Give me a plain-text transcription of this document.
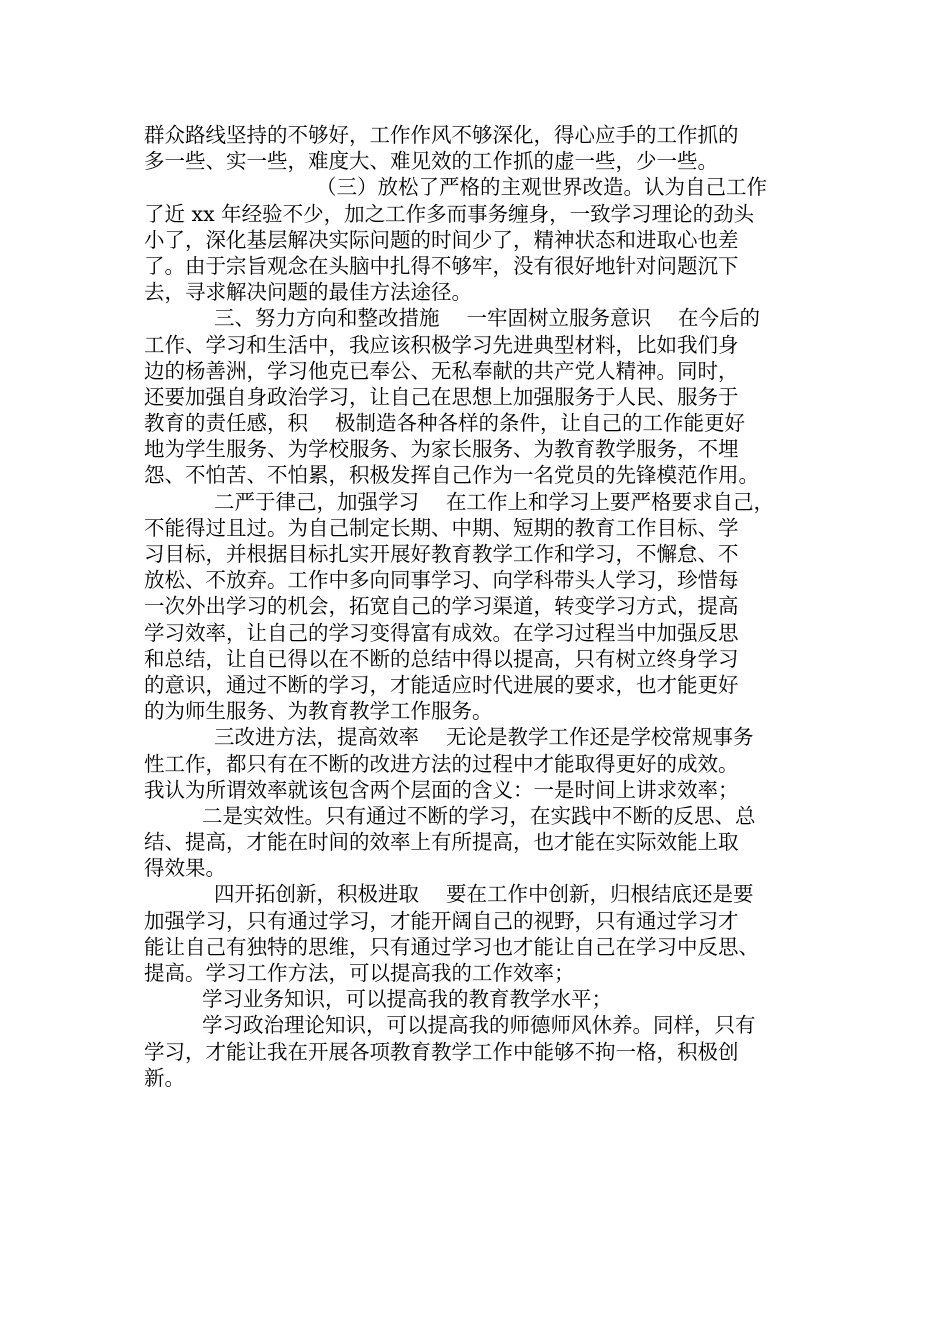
群众路线坚持的不够好，工作作风不够深化，得心应手的工作抓的
多一些、实一些，难度大、难见效的工作抓的虚一些，少一些。
（三）放松了严格的主观世界改造。认为自己工作
了近 xx 年经验不少，加之工作多而事务缠身，一致学习理论的劲头
小了，深化基层解决实际问题的时间少了，精神状态和进取心也差
了。由于宗旨观念在头脑中扎得不够牢，没有很好地针对问题沉下
去，寻求解决问题的最佳方法途径。
三、努力方向和整改措施　 一牢固树立服务意识　 在今后的
工作、学习和生活中，我应该积极学习先进典型材料，比如我们身
边的杨善洲，学习他克已奉公、无私奉献的共产党人精神。同时，
还要加强自身政治学习，让自己在思想上加强服务于人民、服务于
教育的责任感，积　 极制造各种各样的条件，让自己的工作能更好
地为学生服务、为学校服务、为家长服务、为教育教学服务，不埋
怨、不怕苦、不怕累，积极发挥自己作为一名党员的先锋模范作用。
二严于律己，加强学习　 在工作上和学习上要严格要求自己，
不能得过且过。为自己制定长期、中期、短期的教育工作目标、学
习目标，并根据目标扎实开展好教育教学工作和学习，不懈怠、不
放松、不放弃。工作中多向同事学习、向学科带头人学习，珍惜每
一次外出学习的机会，拓宽自己的学习渠道，转变学习方式，提高
学习效率，让自己的学习变得富有成效。在学习过程当中加强反思
和总结，让自已得以在不断的总结中得以提高，只有树立终身学习
的意识，通过不断的学习，才能适应时代进展的要求，也才能更好
的为师生服务、为教育教学工作服务。
三改进方法，提高效率　 无论是教学工作还是学校常规事务
性工作，都只有在不断的改进方法的过程中才能取得更好的成效。
我认为所谓效率就该包含两个层面的含义：一是时间上讲求效率；
二是实效性。只有通过不断的学习，在实践中不断的反思、总
结、提高，才能在时间的效率上有所提高，也才能在实际效能上取
得效果。
四开拓创新，积极进取　 要在工作中创新，归根结底还是要
加强学习，只有通过学习，才能开阔自己的视野，只有通过学习才
能让自己有独特的思维，只有通过学习也才能让自己在学习中反思、
提高。学习工作方法，可以提高我的工作效率；
学习业务知识，可以提高我的教育教学水平；
学习政治理论知识，可以提高我的师德师风休养。同样，只有
学习，才能让我在开展各项教育教学工作中能够不拘一格，积极创
新。
